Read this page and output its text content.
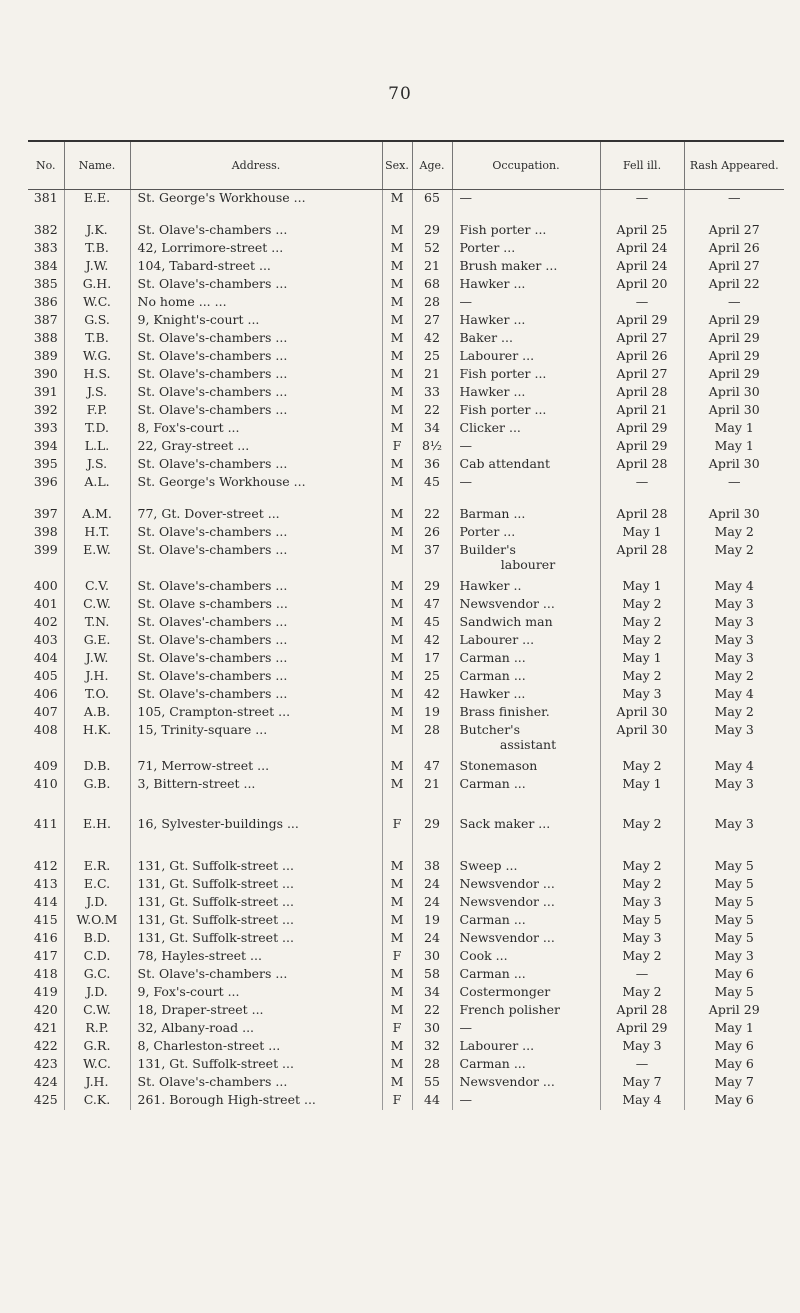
70
No.	Name.	Address.	Sex.	Age.	Occupation.	Fell ill.	Rash Appeared.
381	E.E.	St. George's Workhouse ...	M	65	—	—	—
382	J.K.	St. Olave's-chambers ...	M	29	Fish porter ...	April 25	April 27
383	T.B.	42, Lorrimore-street ...	M	52	Porter ...	April 24	April 26
384	J.W.	104, Tabard-street ...	M	21	Brush maker ...	April 24	April 27
385	G.H.	St. Olave's-chambers ...	M	68	Hawker ...	April 20	April 22
386	W.C.	No home ... ...	M	28	—	—	—
387	G.S.	9, Knight's-court ...	M	27	Hawker ...	April 29	April 29
388	T.B.	St. Olave's-chambers ...	M	42	Baker ...	April 27	April 29
389	W.G.	St. Olave's-chambers ...	M	25	Labourer ...	April 26	April 29
390	H.S.	St. Olave's-chambers ...	M	21	Fish porter ...	April 27	April 29
391	J.S.	St. Olave's-chambers ...	M	33	Hawker ...	April 28	April 30
392	F.P.	St. Olave's-chambers ...	M	22	Fish porter ...	April 21	April 30
393	T.D.	8, Fox's-court ...	M	34	Clicker ...	April 29	May 1
394	L.L.	22, Gray-street ...	F	8½	—	April 29	May 1
395	J.S.	St. Olave's-chambers ...	M	36	Cab attendant	April 28	April 30
396	A.L.	St. George's Workhouse ...	M	45	—	—	—
397	A.M.	77, Gt. Dover-street ...	M	22	Barman ...	April 28	April 30
398	H.T.	St. Olave's-chambers ...	M	26	Porter ...	May 1	May 2
399	E.W.	St. Olave's-chambers ...	M	37	Builder's
labourer	April 28	May 2
400	C.V.	St. Olave's-chambers ...	M	29	Hawker ..	May 1	May 4
401	C.W.	St. Olave s-chambers ...	M	47	Newsvendor ...	May 2	May 3
402	T.N.	St. Olaves'-chambers ...	M	45	Sandwich man	May 2	May 3
403	G.E.	St. Olave's-chambers ...	M	42	Labourer ...	May 2	May 3
404	J.W.	St. Olave's-chambers ...	M	17	Carman ...	May 1	May 3
405	J.H.	St. Olave's-chambers ...	M	25	Carman ...	May 2	May 2
406	T.O.	St. Olave's-chambers ...	M	42	Hawker ...	May 3	May 4
407	A.B.	105, Crampton-street ...	M	19	Brass finisher.	April 30	May 2
408	H.K.	15, Trinity-square ...	M	28	Butcher's
assistant	April 30	May 3
409	D.B.	71, Merrow-street ...	M	47	Stonemason	May 2	May 4
410	G.B.	3, Bittern-street ...	M	21	Carman ...	May 1	May 3
411	E.H.	16, Sylvester-buildings ...	F	29	Sack maker ...	May 2	May 3
412	E.R.	131, Gt. Suffolk-street ...	M	38	Sweep ...	May 2	May 5
413	E.C.	131, Gt. Suffolk-street ...	M	24	Newsvendor ...	May 2	May 5
414	J.D.	131, Gt. Suffolk-street ...	M	24	Newsvendor ...	May 3	May 5
415	W.O.M	131, Gt. Suffolk-street ...	M	19	Carman ...	May 5	May 5
416	B.D.	131, Gt. Suffolk-street ...	M	24	Newsvendor ...	May 3	May 5
417	C.D.	78, Hayles-street ...	F	30	Cook ...	May 2	May 3
418	G.C.	St. Olave's-chambers ...	M	58	Carman ...	—	May 6
419	J.D.	9, Fox's-court ...	M	34	Costermonger	May 2	May 5
420	C.W.	18, Draper-street ...	M	22	French polisher	April 28	April 29
421	R.P.	32, Albany-road ...	F	30	—	April 29	May 1
422	G.R.	8, Charleston-street ...	M	32	Labourer ...	May 3	May 6
423	W.C.	131, Gt. Suffolk-street ...	M	28	Carman ...	—	May 6
424	J.H.	St. Olave's-chambers ...	M	55	Newsvendor ...	May 7	May 7
425	C.K.	261. Borough High-street ...	F	44	—	May 4	May 6
